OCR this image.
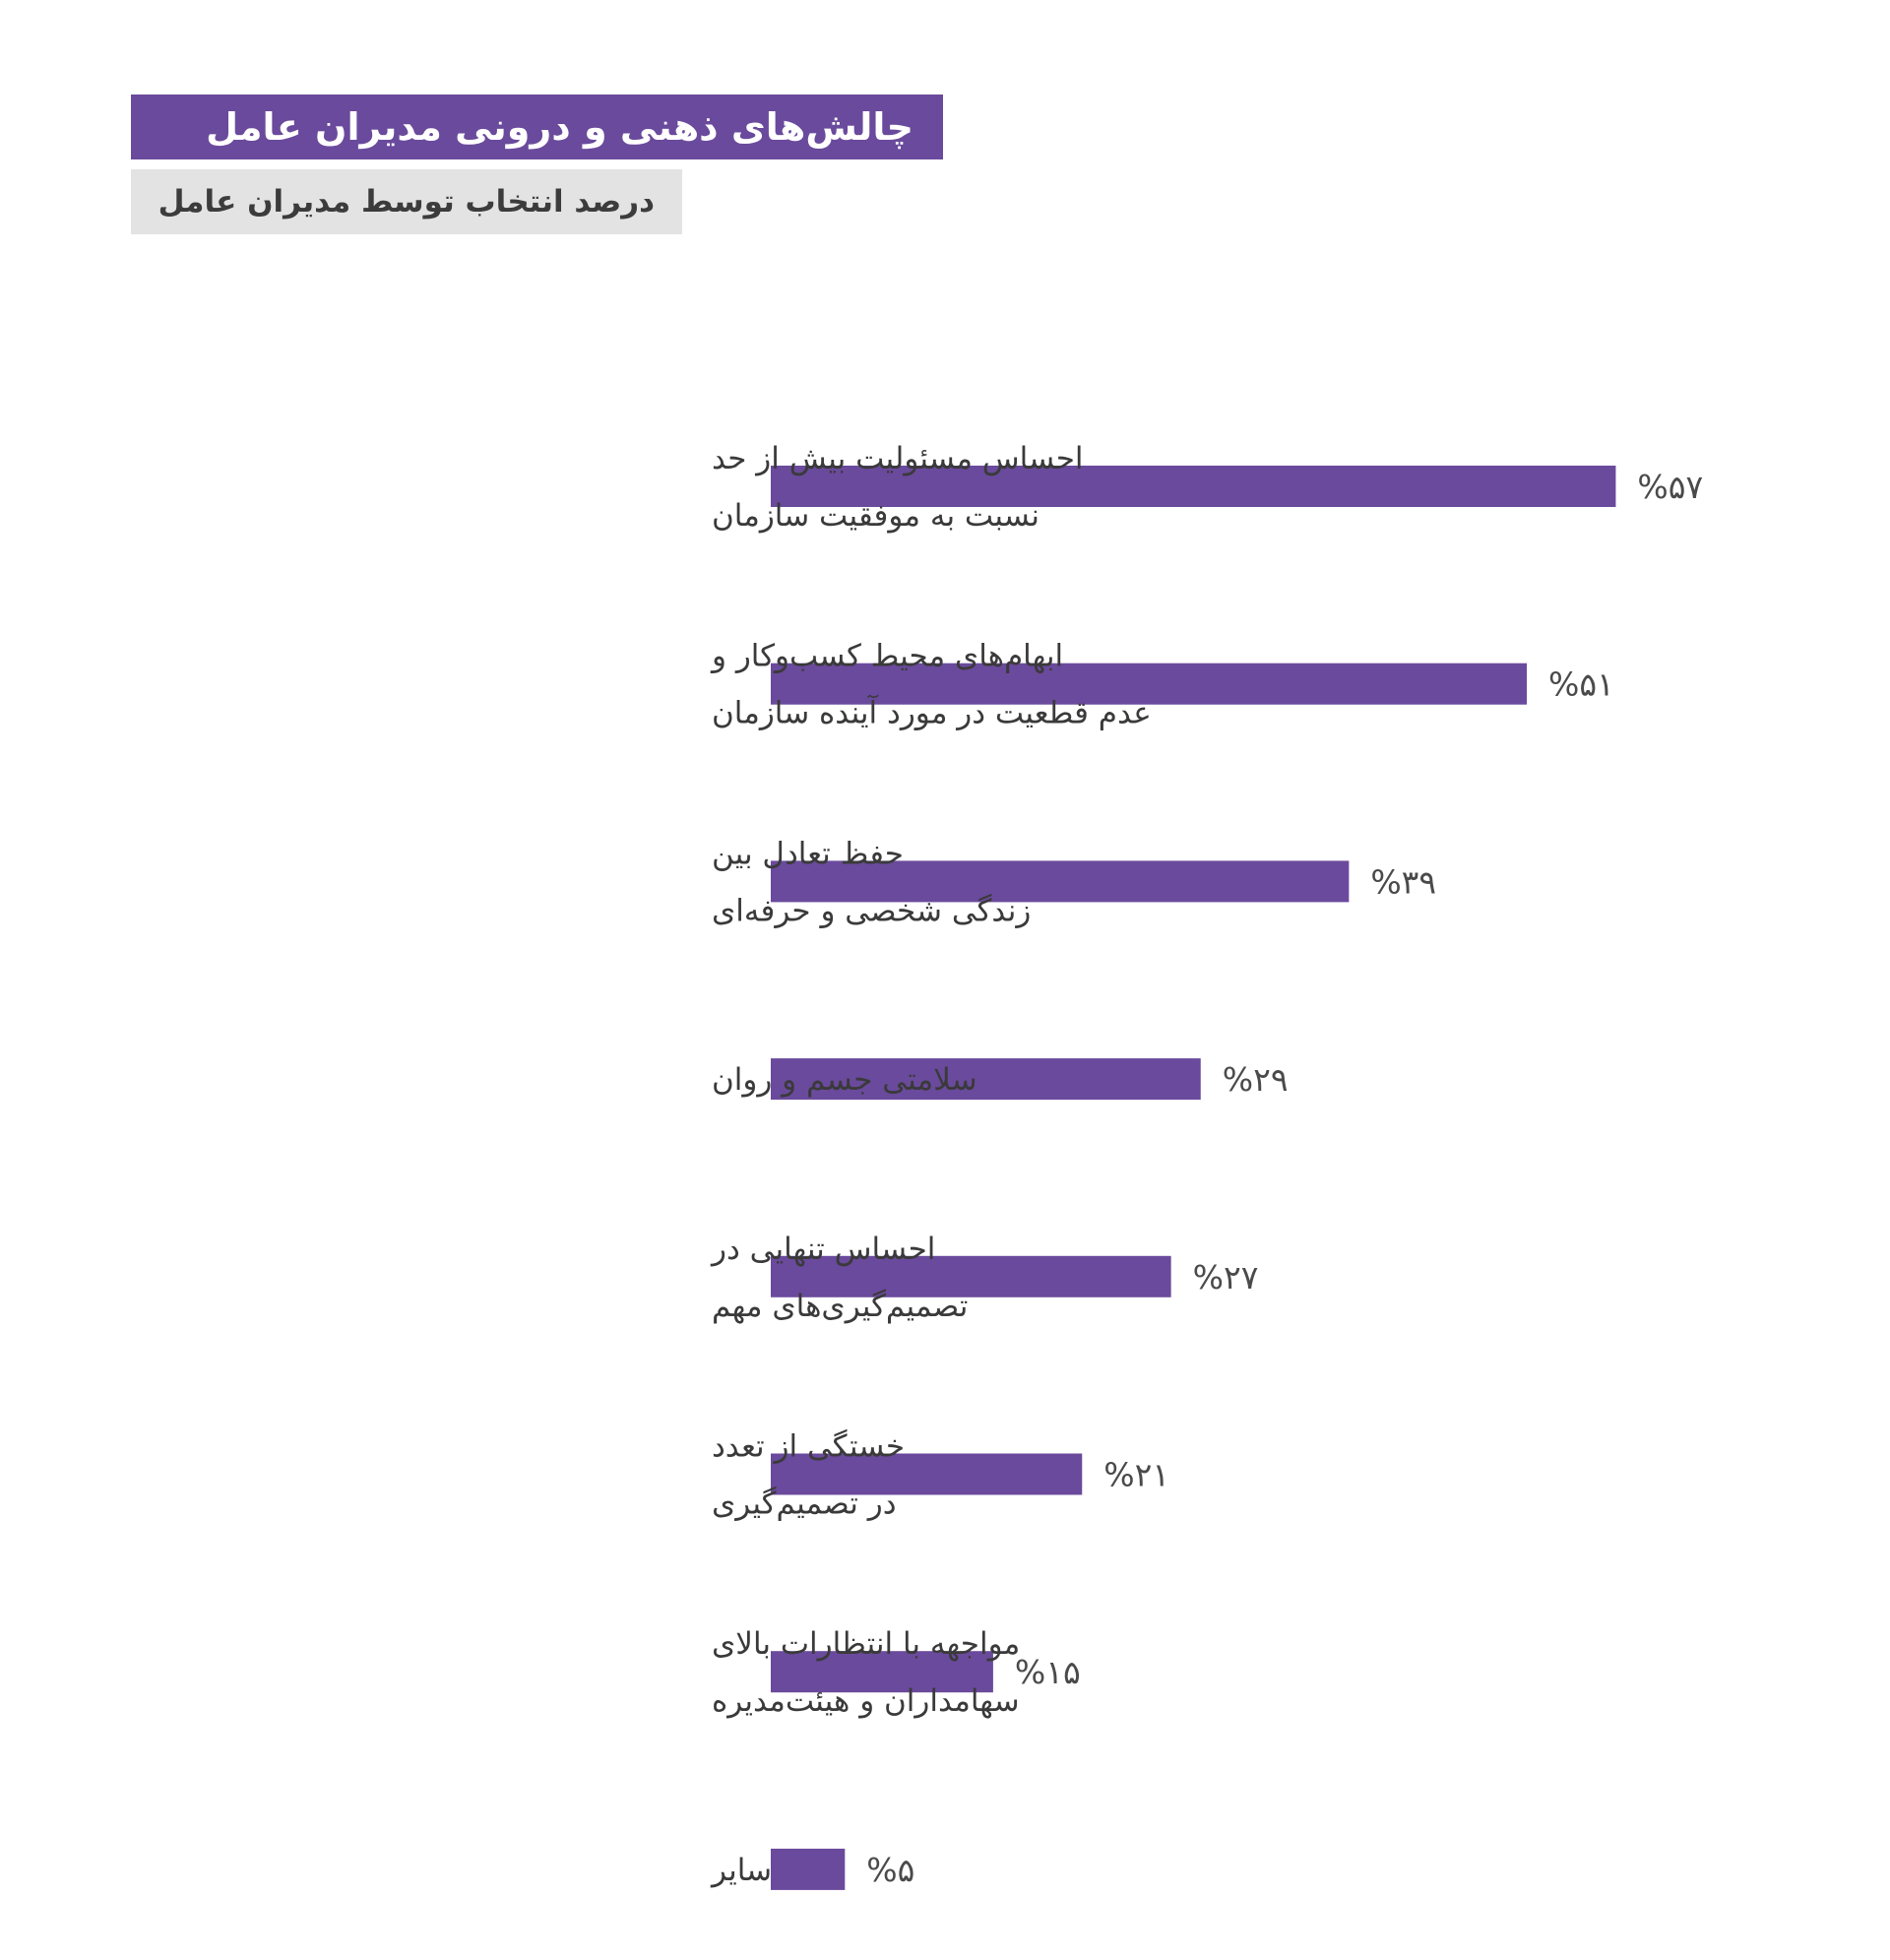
چالش‌های ذهنی و درونی مدیران عامل
درصد انتخاب توسط مدیران عامل
%۵۷
احساس مسئولیت بیش از حد
نسبت به موفقیت سازمان
%۵۱
ابهام‌های محیط کسب‌وکار و
عدم قطعیت در مورد آینده سازمان
%۳۹
حفظ تعادل بین
زندگی شخصی و حرفه‌ای
%۲۹
سلامتی جسم و روان
%۲۷
احساس تنهایی در
تصمیم‌گیری‌های مهم
%۲۱
خستگی از تعدد
در تصمیم‌گیری
%۱۵
مواجهه با انتظارات بالای
سهامداران و هیئت‌مدیره
%۵
سایر
